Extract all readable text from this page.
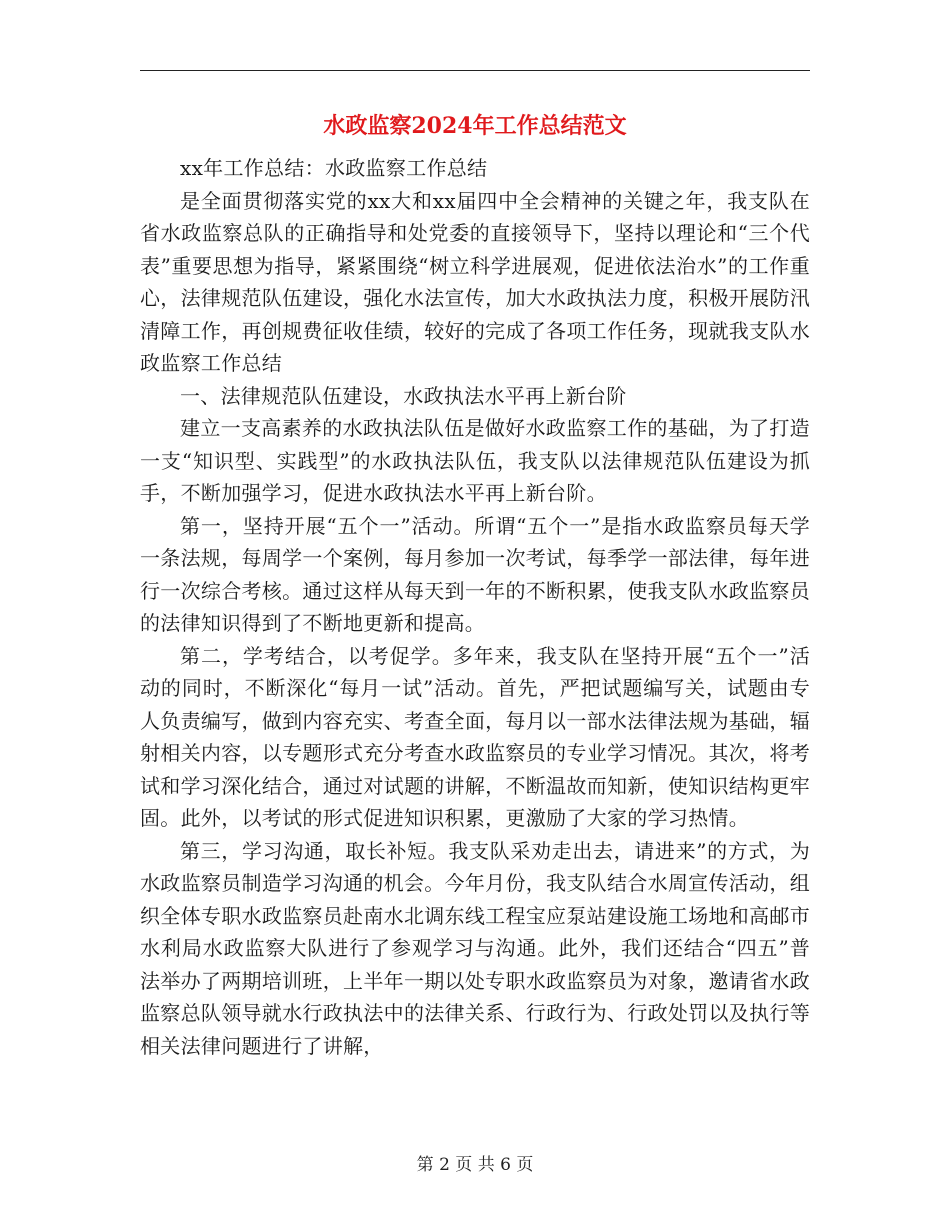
水政监察2024年工作总结范文

xx年工作总结：水政监察工作总结

是全面贯彻落实党的xx大和xx届四中全会精神的关键之年，我支队在省水政监察总队的正确指导和处党委的直接领导下，坚持以理论和“三个代表”重要思想为指导，紧紧围绕“树立科学进展观，促进依法治水”的工作重心，法律规范队伍建设，强化水法宣传，加大水政执法力度，积极开展防汛清障工作，再创规费征收佳绩，较好的完成了各项工作任务，现就我支队水政监察工作总结

一、法律规范队伍建设，水政执法水平再上新台阶

建立一支高素养的水政执法队伍是做好水政监察工作的基础，为了打造一支“知识型、实践型”的水政执法队伍，我支队以法律规范队伍建设为抓手，不断加强学习，促进水政执法水平再上新台阶。

第一，坚持开展“五个一”活动。所谓“五个一”是指水政监察员每天学一条法规，每周学一个案例，每月参加一次考试，每季学一部法律，每年进行一次综合考核。通过这样从每天到一年的不断积累，使我支队水政监察员的法律知识得到了不断地更新和提高。

第二，学考结合，以考促学。多年来，我支队在坚持开展“五个一”活动的同时，不断深化“每月一试”活动。首先，严把试题编写关，试题由专人负责编写，做到内容充实、考查全面，每月以一部水法律法规为基础，辐射相关内容，以专题形式充分考查水政监察员的专业学习情况。其次，将考试和学习深化结合，通过对试题的讲解，不断温故而知新，使知识结构更牢固。此外，以考试的形式促进知识积累，更激励了大家的学习热情。

第三，学习沟通，取长补短。我支队采劝走出去，请进来”的方式，为水政监察员制造学习沟通的机会。今年月份，我支队结合水周宣传活动，组织全体专职水政监察员赴南水北调东线工程宝应泵站建设施工场地和高邮市水利局水政监察大队进行了参观学习与沟通。此外，我们还结合“四五”普法举办了两期培训班，上半年一期以处专职水政监察员为对象，邀请省水政监察总队领导就水行政执法中的法律关系、行政行为、行政处罚以及执行等相关法律问题进行了讲解，

第 2 页 共 6 页
